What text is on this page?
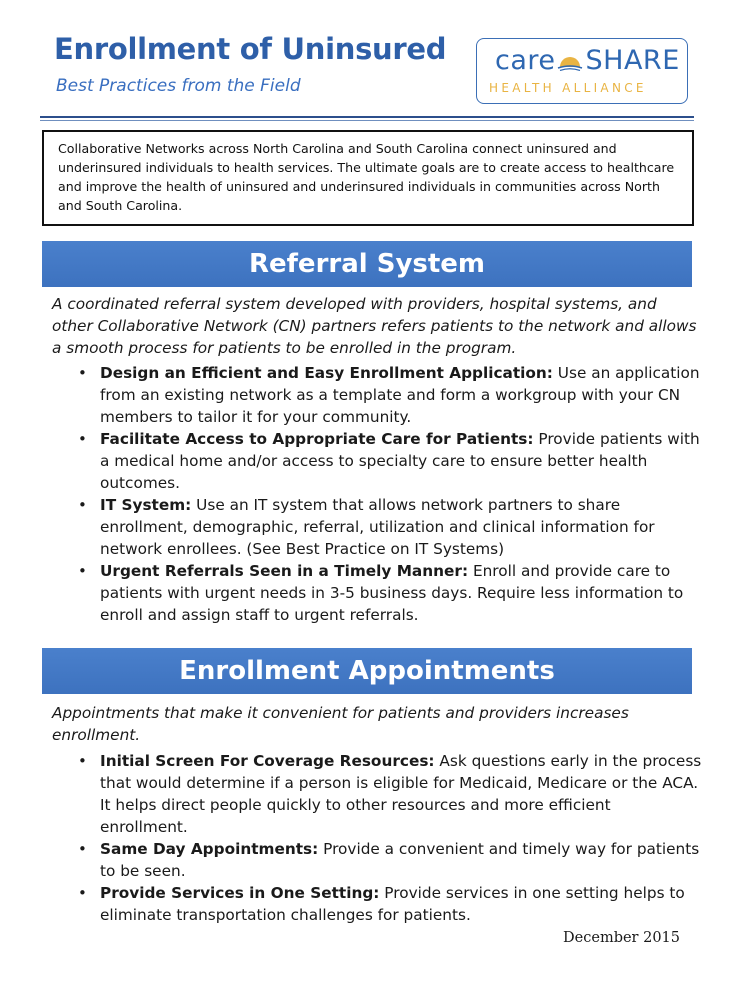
Enrollment of Uninsured

Best Practices from the Field

care SHARE
HEALTH ALLIANCE
Collaborative Networks across North Carolina and South Carolina connect uninsured and underinsured individuals to health services. The ultimate goals are to create access to healthcare and improve the health of uninsured and underinsured individuals in communities across North and South Carolina.
Referral System

A coordinated referral system developed with providers, hospital systems, and other Collaborative Network (CN) partners refers patients to the network and allows a smooth process for patients to be enrolled in the program.

• Design an Efficient and Easy Enrollment Application: Use an application from an existing network as a template and form a workgroup with your CN members to tailor it for your community.
• Facilitate Access to Appropriate Care for Patients: Provide patients with a medical home and/or access to specialty care to ensure better health outcomes.
• IT System: Use an IT system that allows network partners to share enrollment, demographic, referral, utilization and clinical information for network enrollees. (See Best Practice on IT Systems)
• Urgent Referrals Seen in a Timely Manner: Enroll and provide care to patients with urgent needs in 3-5 business days. Require less information to enroll and assign staff to urgent referrals.
Enrollment Appointments

Appointments that make it convenient for patients and providers increases enrollment.

• Initial Screen For Coverage Resources: Ask questions early in the process that would determine if a person is eligible for Medicaid, Medicare or the ACA. It helps direct people quickly to other resources and more efficient enrollment.
• Same Day Appointments: Provide a convenient and timely way for patients to be seen.
• Provide Services in One Setting: Provide services in one setting helps to eliminate transportation challenges for patients.
December 2015
